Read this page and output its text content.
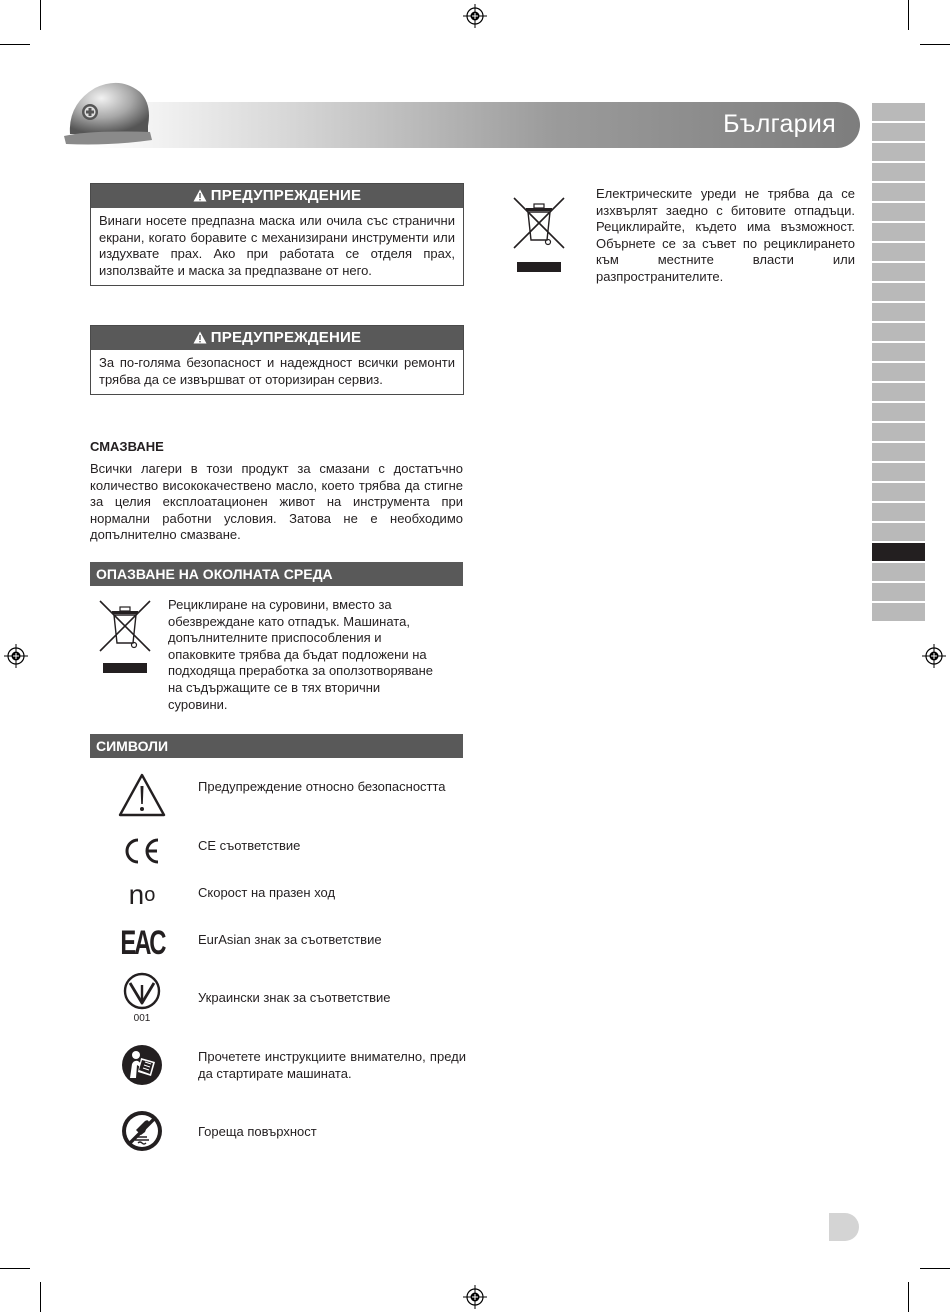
България
ПРЕДУПРЕЖДЕНИЕ
Винаги носете предпазна маска или очила със странични екрани, когато боравите с механизирани инструменти или издухвате прах. Ако при работата се отделя прах, използвайте и маска за предпазване от него.
ПРЕДУПРЕЖДЕНИЕ
За по-голяма безопасност и надеждност всички ремонти трябва да се извършват от оторизиран сервиз.
СМАЗВАНЕ
Всички лагери в този продукт за смазани с достатъчно количество висококачествено масло, което трябва да стигне за целия експлоатационен живот на инструмента при нормални работни условия. Затова не е необходимо допълнително смазване.
ОПАЗВАНЕ НА ОКОЛНАТА СРЕДА
Рециклиране на суровини, вместо за обезвреждане като отпадък. Машината, допълнителните приспособления и опаковките трябва да бъдат подложени на подходяща преработка за оползотворяване на съдържащите се в тях вторични суровини.
Електрическите уреди не трябва да се изхвърлят заедно с битовите отпадъци. Рециклирайте, където има възможност. Обърнете се за съвет по рециклирането към местните власти или разпространителите.
СИМВОЛИ
Предупреждение относно безопасността
CE съответствие
n o	Скорост на празен ход
EAC	EurAsian знак за съответствие
001
Украински знак за съответствие
Прочетете инструкциите внимателно, преди да стартирате машината.
Гореща повърхност
